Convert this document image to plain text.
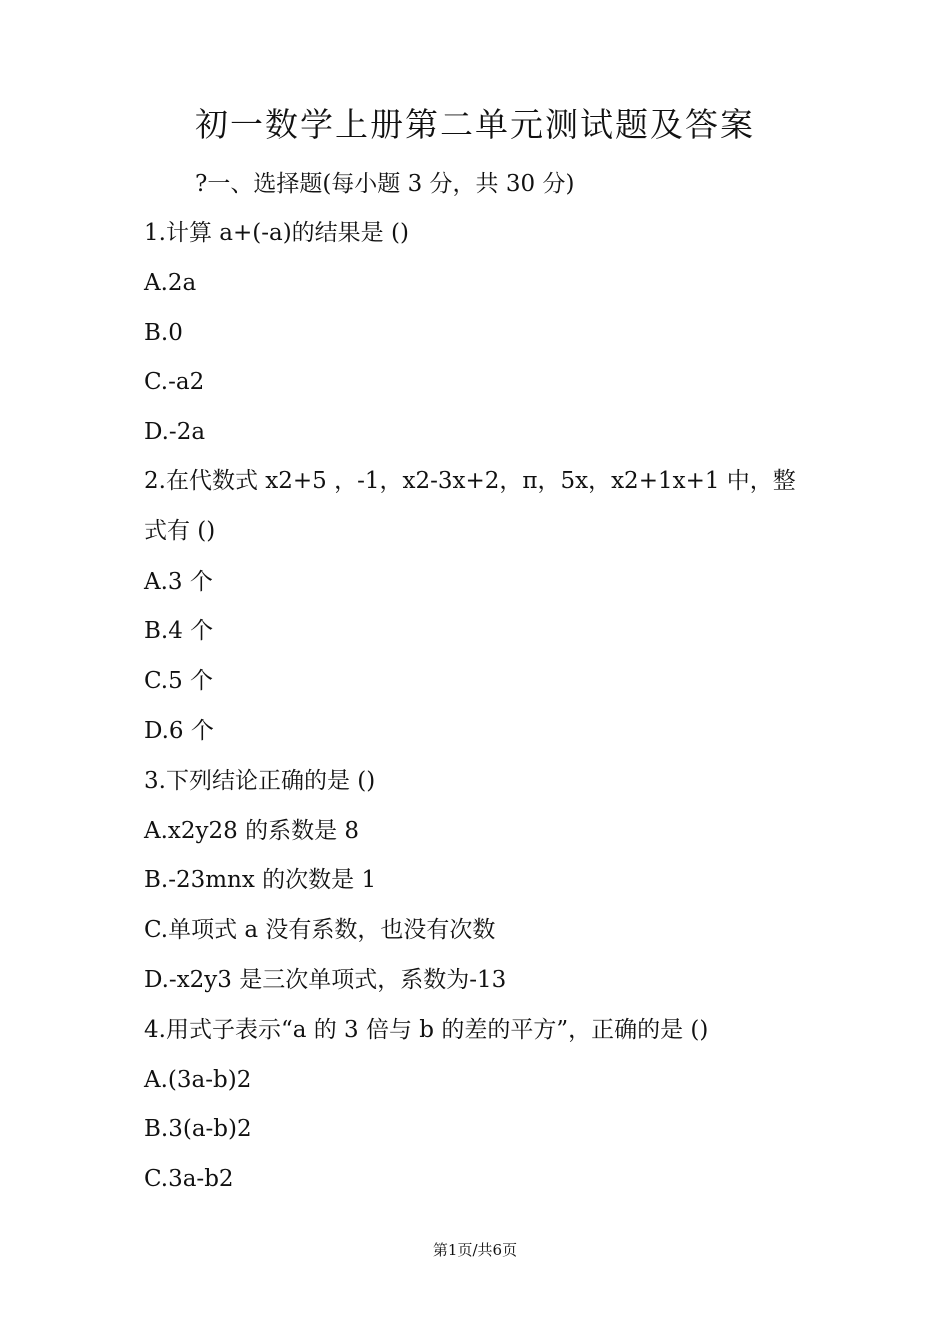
初一数学上册第二单元测试题及答案
?一、选择题(每小题 3 分，共 30 分)
1.计算 a+(-a)的结果是 ()
A.2a
B.0
C.-a2
D.-2a
2.在代数式 x2+5 ，-1，x2-3x+2，π，5x，x2+1x+1 中，整式有 ()
A.3 个
B.4 个
C.5 个
D.6 个
3.下列结论正确的是 ()
A.x2y28 的系数是 8
B.-23mnx 的次数是 1
C.单项式 a 没有系数，也没有次数
D.-x2y3 是三次单项式，系数为-13
4.用式子表示“a 的 3 倍与 b 的差的平方”，正确的是 ()
A.(3a-b)2
B.3(a-b)2
C.3a-b2
第1页/共6页
